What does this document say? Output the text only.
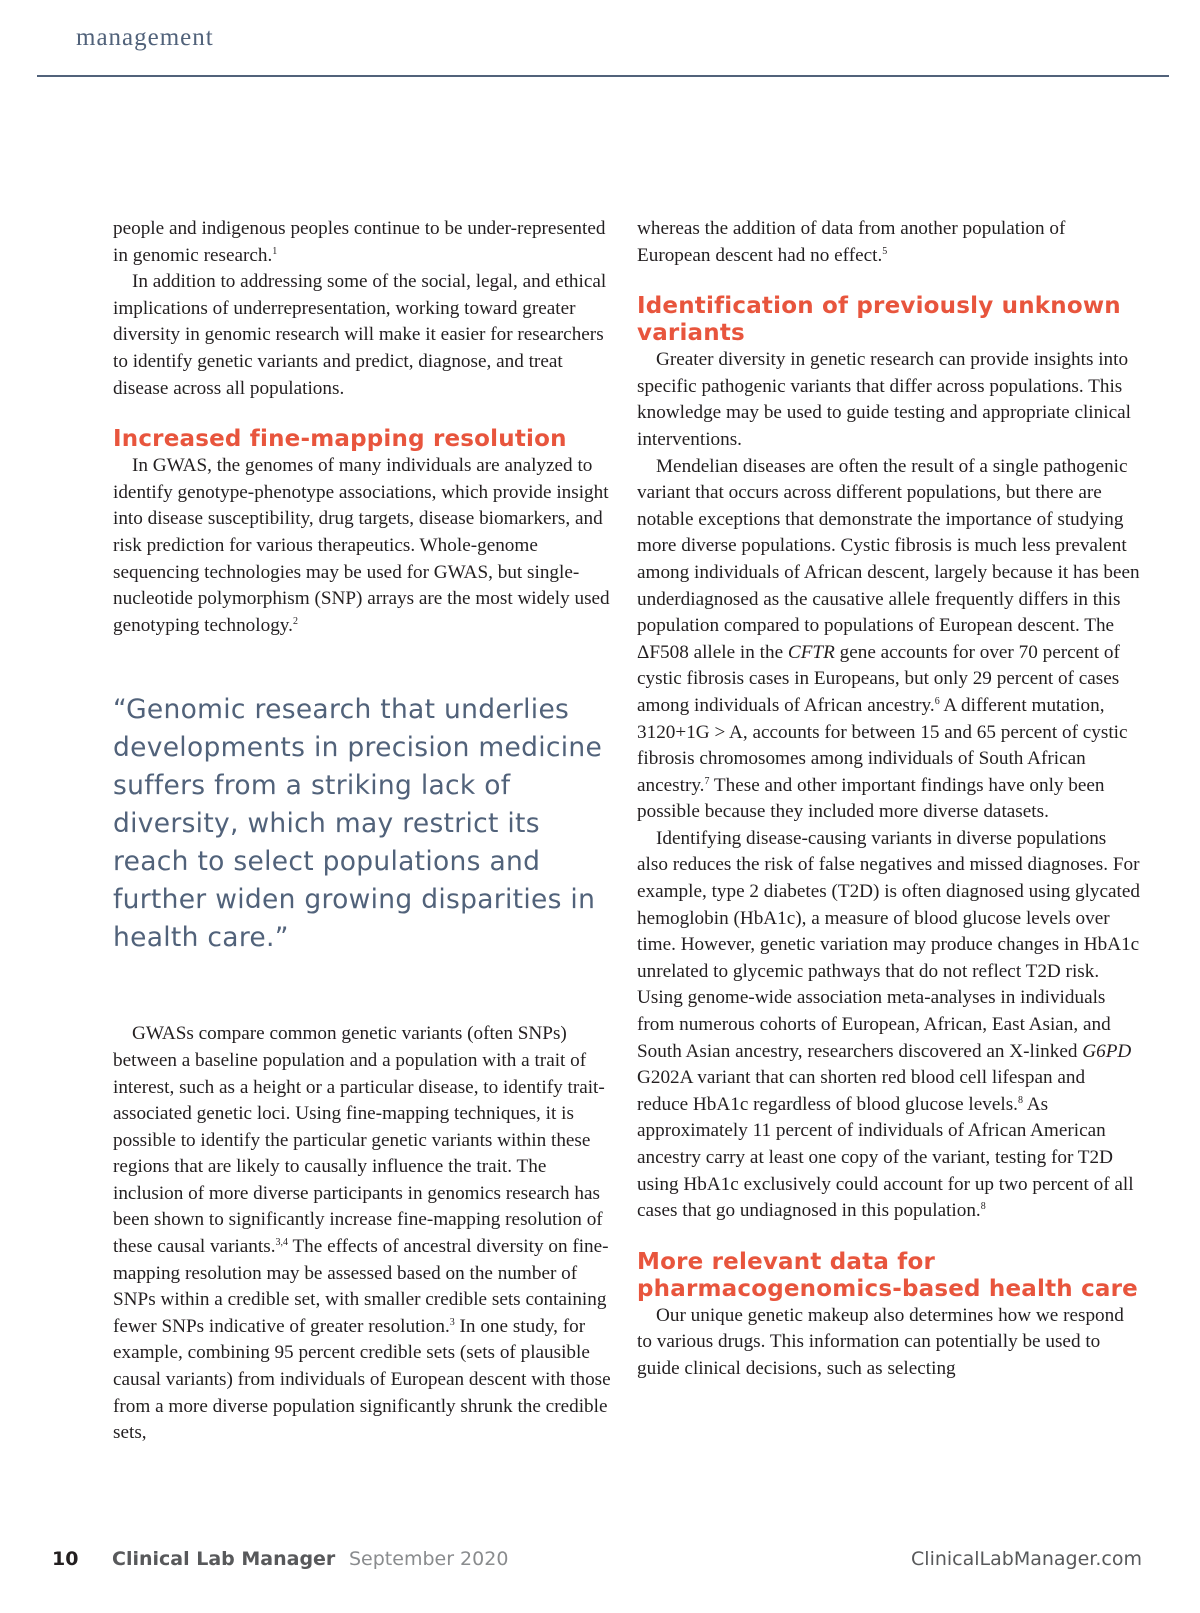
management

people and indigenous peoples continue to be under-represented in genomic research.$^1$

In addition to addressing some of the social, legal, and ethical implications of underrepresentation, working toward greater diversity in genomic research will make it easier for researchers to identify genetic variants and predict, diagnose, and treat disease across all populations.

Increased fine-mapping resolution

In GWAS, the genomes of many individuals are analyzed to identify genotype-phenotype associations, which provide insight into disease susceptibility, drug targets, disease biomarkers, and risk prediction for various therapeutics. Whole-genome sequencing technologies may be used for GWAS, but single-nucleotide polymorphism (SNP) arrays are the most widely used genotyping technology.$^2$

“Genomic research that underlies developments in precision medicine suffers from a striking lack of diversity, which may restrict its reach to select populations and further widen growing disparities in health care.”

GWASs compare common genetic variants (often SNPs) between a baseline population and a population with a trait of interest, such as a height or a particular disease, to identify trait-associated genetic loci. Using fine-mapping techniques, it is possible to identify the particular genetic variants within these regions that are likely to causally influence the trait. The inclusion of more diverse participants in genomics research has been shown to significantly increase fine-mapping resolution of these causal variants.$^{3,4}$ The effects of ancestral diversity on fine-mapping resolution may be assessed based on the number of SNPs within a credible set, with smaller credible sets containing fewer SNPs indicative of greater resolution.$^3$ In one study, for example, combining 95 percent credible sets (sets of plausible causal variants) from individuals of European descent with those from a more diverse population significantly shrunk the credible sets,

whereas the addition of data from another population of European descent had no effect.$^5$

Identification of previously unknown variants

Greater diversity in genetic research can provide insights into specific pathogenic variants that differ across populations. This knowledge may be used to guide testing and appropriate clinical interventions.

Mendelian diseases are often the result of a single pathogenic variant that occurs across different populations, but there are notable exceptions that demonstrate the importance of studying more diverse populations. Cystic fibrosis is much less prevalent among individuals of African descent, largely because it has been underdiagnosed as the causative allele frequently differs in this population compared to populations of European descent. The ΔF508 allele in the CFTR gene accounts for over 70 percent of cystic fibrosis cases in Europeans, but only 29 percent of cases among individuals of African ancestry.$^6$ A different mutation, 3120+1G > A, accounts for between 15 and 65 percent of cystic fibrosis chromosomes among individuals of South African ancestry.$^7$ These and other important findings have only been possible because they included more diverse datasets.

Identifying disease-causing variants in diverse populations also reduces the risk of false negatives and missed diagnoses. For example, type 2 diabetes (T2D) is often diagnosed using glycated hemoglobin (HbA1c), a measure of blood glucose levels over time. However, genetic variation may produce changes in HbA1c unrelated to glycemic pathways that do not reflect T2D risk. Using genome-wide association meta-analyses in individuals from numerous cohorts of European, African, East Asian, and South Asian ancestry, researchers discovered an X-linked G6PD G202A variant that can shorten red blood cell lifespan and reduce HbA1c regardless of blood glucose levels.$^8$ As approximately 11 percent of individuals of African American ancestry carry at least one copy of the variant, testing for T2D using HbA1c exclusively could account for up two percent of all cases that go undiagnosed in this population.$^8$

More relevant data for pharmacogenomics-based health care

Our unique genetic makeup also determines how we respond to various drugs. This information can potentially be used to guide clinical decisions, such as selecting

10 Clinical Lab Manager September 2020	ClinicalLabManager.com
